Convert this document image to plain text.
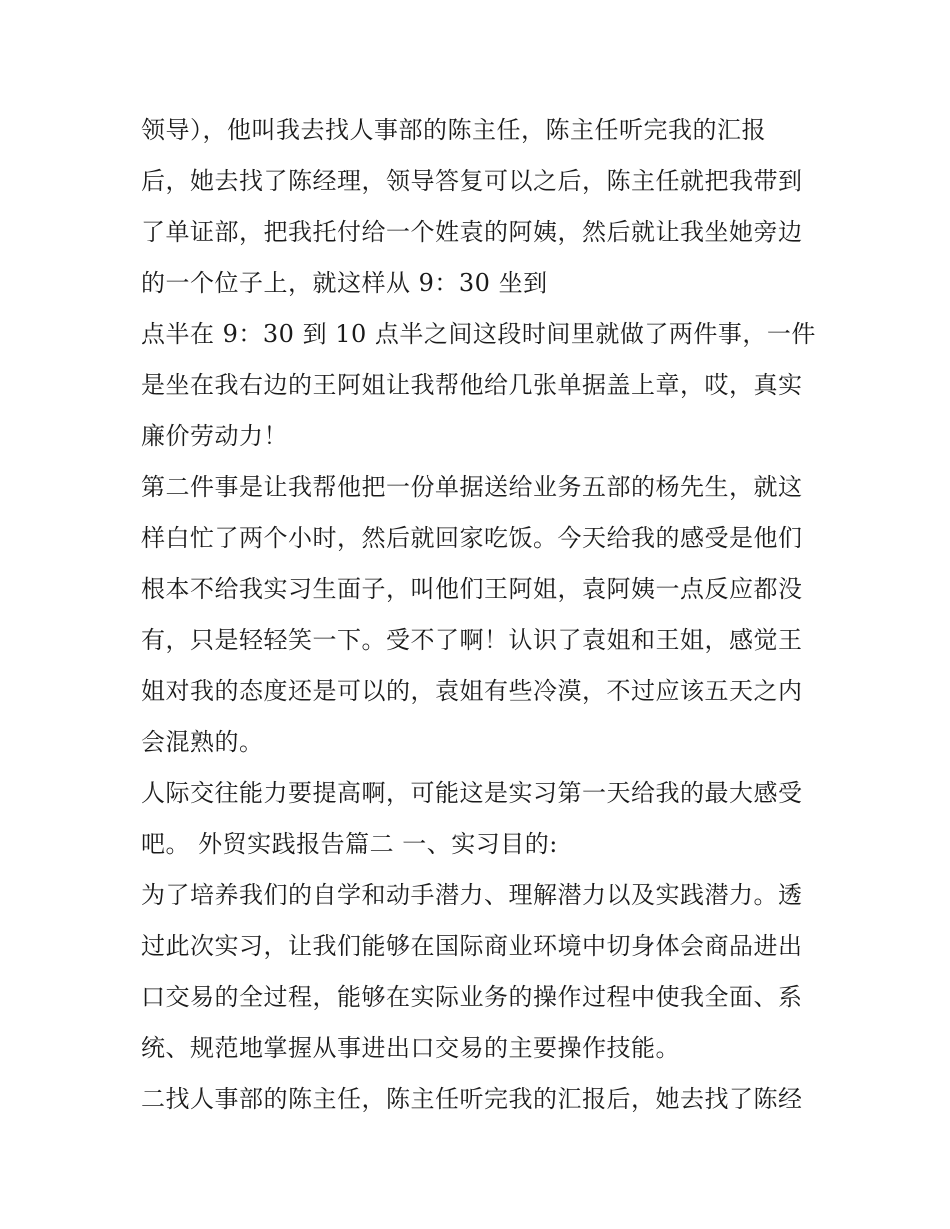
领导），他叫我去找人事部的陈主任，陈主任听完我的汇报

后，她去找了陈经理，领导答复可以之后，陈主任就把我带到

了单证部，把我托付给一个姓袁的阿姨，然后就让我坐她旁边

的一个位子上，就这样从 9：30 坐到

点半在 9：30 到 10 点半之间这段时间里就做了两件事，一件

是坐在我右边的王阿姐让我帮他给几张单据盖上章，哎，真实

廉价劳动力！

第二件事是让我帮他把一份单据送给业务五部的杨先生，就这

样白忙了两个小时，然后就回家吃饭。今天给我的感受是他们

根本不给我实习生面子，叫他们王阿姐，袁阿姨一点反应都没

有，只是轻轻笑一下。受不了啊！认识了袁姐和王姐，感觉王

姐对我的态度还是可以的，袁姐有些冷漠，不过应该五天之内

会混熟的。

人际交往能力要提高啊，可能这是实习第一天给我的最大感受

吧。 外贸实践报告篇二 一、实习目的:

为了培养我们的自学和动手潜力、理解潜力以及实践潜力。透

过此次实习，让我们能够在国际商业环境中切身体会商品进出

口交易的全过程，能够在实际业务的操作过程中使我全面、系

统、规范地掌握从事进出口交易的主要操作技能。

二找人事部的陈主任，陈主任听完我的汇报后，她去找了陈经
